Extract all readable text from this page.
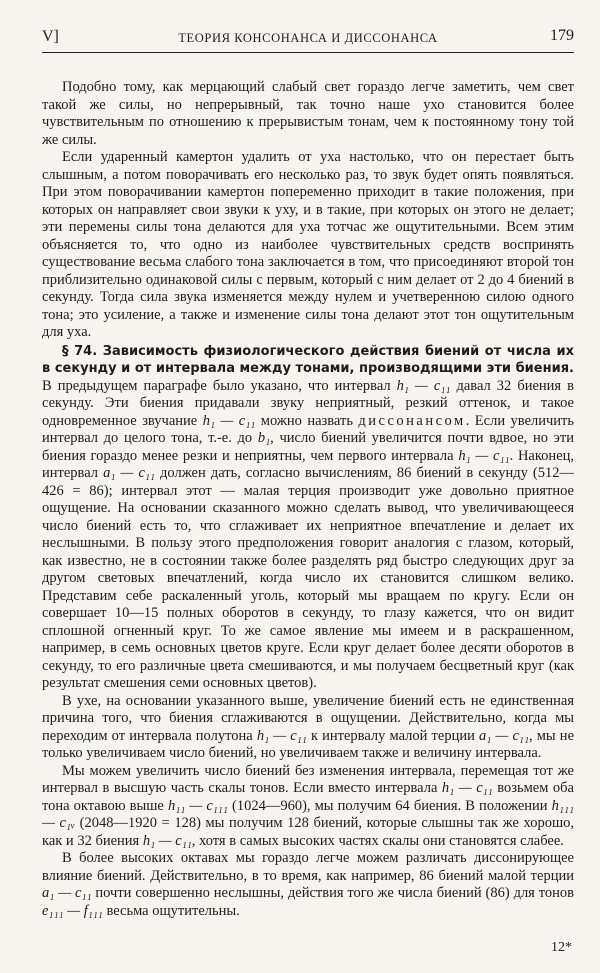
V]	ТЕОРИЯ КОНСОНАНСА И ДИССОНАНСА	179

Подобно тому, как мерцающий слабый свет гораздо легче заметить, чем свет такой же силы, но непрерывный, так точно наше ухо становится более чувствительным по отношению к прерывистым тонам, чем к постоянному тону той же силы.

Если ударенный камертон удалить от уха настолько, что он перестает быть слышным, а потом поворачивать его несколько раз, то звук будет опять появляться. При этом поворачивании камертон попеременно приходит в такие положения, при которых он направляет свои звуки к уху, и в такие, при которых он этого не делает; эти перемены силы тона делаются для уха тотчас же ощутительными. Всем этим объясняется то, что одно из наиболее чувствительных средств воспринять существование весьма слабого тона заключается в том, что присоединяют второй тон приблизительно одинаковой силы с первым, который с ним делает от 2 до 4 биений в секунду. Тогда сила звука изменяется между нулем и учетверенною силою одного тона; это усиление, а также и изменение силы тона делают этот тон ощутительным для уха.

§ 74. Зависимость физиологического действия биений от числа их в секунду и от интервала между тонами, производящими эти биения. В предыдущем параграфе было указано, что интервал h₁ — c₁₁ давал 32 биения в секунду. Эти биения придавали звуку неприятный, резкий оттенок, и такое одновременное звучание h₁ — c₁₁ можно назвать диссонансом. Если увеличить интервал до целого тона, т.-е. до b₁, число биений увеличится почти вдвое, но эти биения гораздо менее резки и неприятны, чем первого интервала h₁ — c₁₁. Наконец, интервал a₁ — c₁₁ должен дать, согласно вычислениям, 86 биений в секунду (512—426 = 86); интервал этот — малая терция производит уже довольно приятное ощущение. На основании сказанного можно сделать вывод, что увеличивающееся число биений есть то, что сглаживает их неприятное впечатление и делает их неслышными. В пользу этого предположения говорит аналогия с глазом, который, как известно, не в состоянии также более разделять ряд быстро следующих друг за другом световых впечатлений, когда число их становится слишком велико. Представим себе раскаленный уголь, который мы вращаем по кругу. Если он совершает 10—15 полных оборотов в секунду, то глазу кажется, что он видит сплошной огненный круг. То же самое явление мы имеем и в раскрашенном, например, в семь основных цветов круге. Если круг делает более десяти оборотов в секунду, то его различные цвета смешиваются, и мы получаем бесцветный круг (как результат смешения семи основных цветов).

В ухе, на основании указанного выше, увеличение биений есть не единственная причина того, что биения сглаживаются в ощущении. Действительно, когда мы переходим от интервала полутона h₁ — c₁₁ к интервалу малой терции a₁ — c₁₁, мы не только увеличиваем число биений, но увеличиваем также и величину интервала.

Мы можем увеличить число биений без изменения интервала, перемещая тот же интервал в высшую часть скалы тонов. Если вместо интервала h₁ — c₁₁ возьмем оба тона октавою выше h₁₁ — c₁₁₁ (1024—960), мы получим 64 биения. В положении h₁₁₁ — c₁ᵥ (2048—1920 = 128) мы получим 128 биений, которые слышны так же хорошо, как и 32 биения h₁ — c₁₁, хотя в самых высоких частях скалы они становятся слабее.

В более высоких октавах мы гораздо легче можем различать диссонирующее влияние биений. Действительно, в то время, как например, 86 биений малой терции a₁ — c₁₁ почти совершенно неслышны, действия того же числа биений (86) для тонов e₁₁₁ — f₁₁₁ весьма ощутительны.

12*
